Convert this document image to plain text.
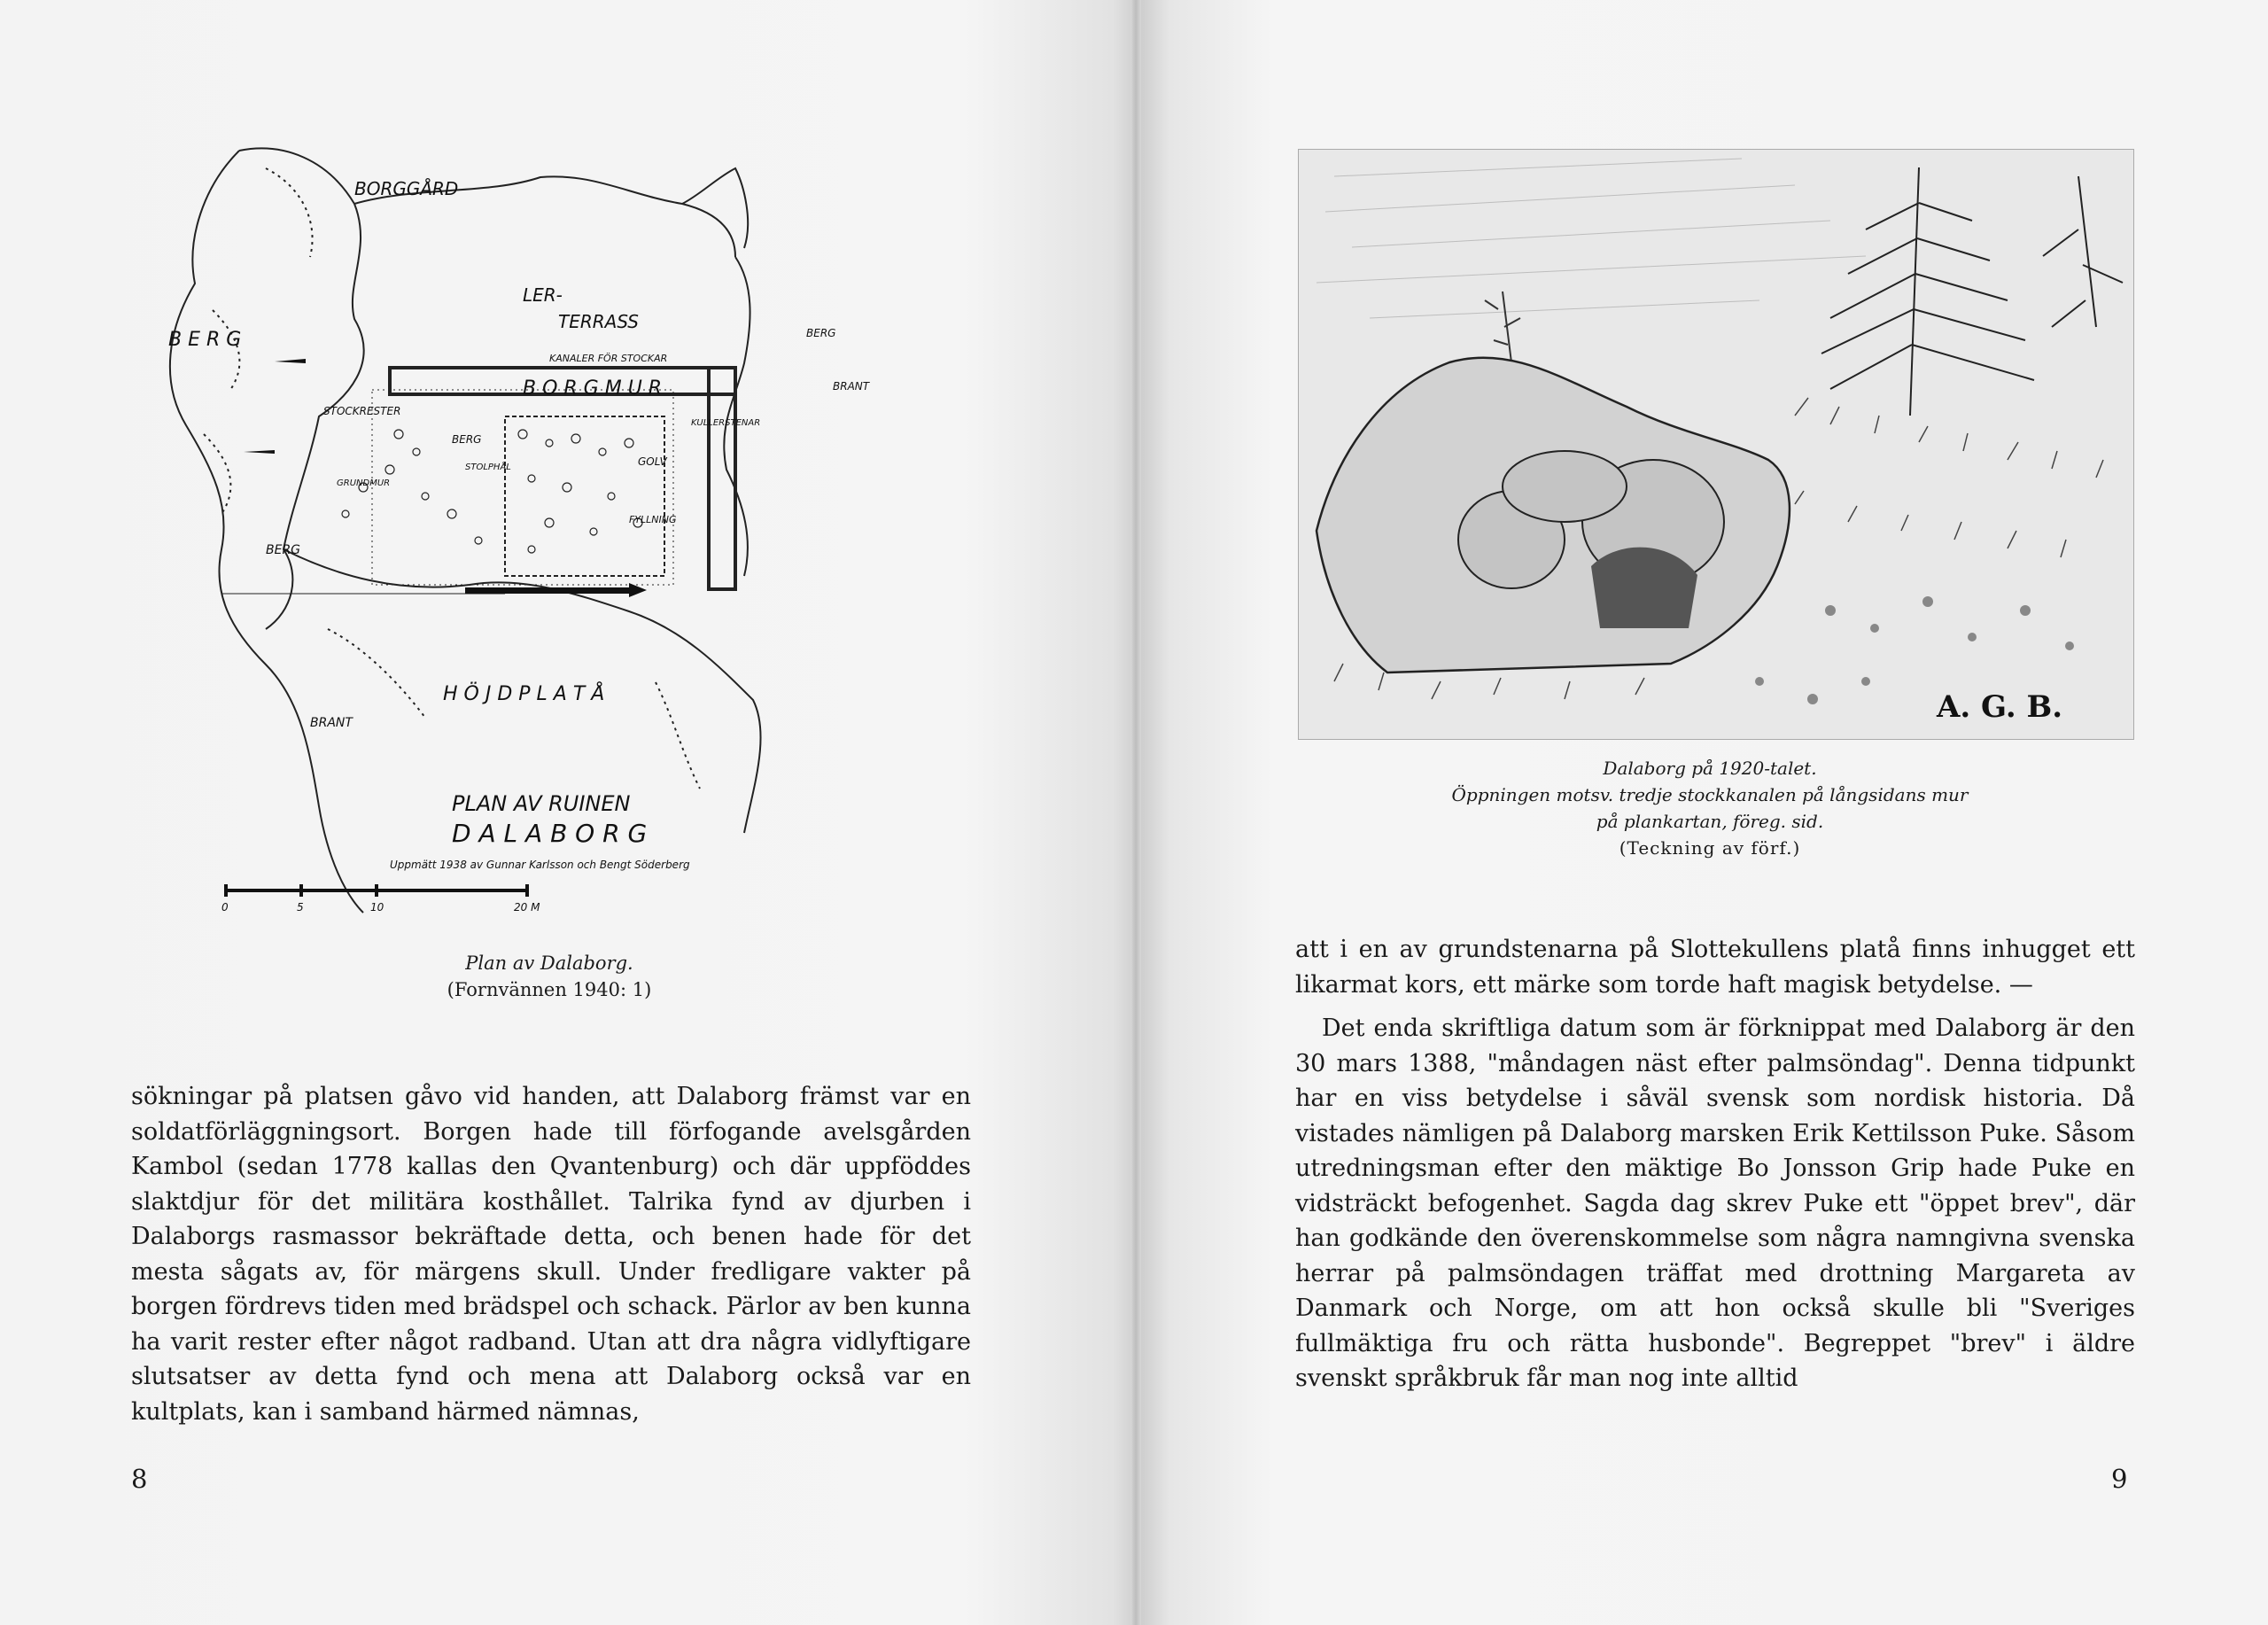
BORGGÅRD
LER-
TERRASS
B E R G	BERG
KANALER FÖR STOCKAR
BRANT
B O R G M U R
STOCKRESTER
KULLERSTENAR
BERG
GOLV
STOLPHÅL
GRUNDMUR
FYLLNING
BERG
H Ö J D P L A T Å
BRANT
PLAN AV RUINEN
D A L A B O R G
Uppmätt 1938 av Gunnar Karlsson och Bengt Söderberg
0	5	10	20 M
Plan av Dalaborg.
(Fornvännen 1940: 1)
sökningar på platsen gåvo vid handen, att Dalaborg främst var en soldatförläggningsort. Borgen hade till förfogande avelsgården Kambol (sedan 1778 kallas den Qvantenburg) och där uppföddes slaktdjur för det militära kosthållet. Talrika fynd av djurben i Dalaborgs rasmassor bekräftade detta, och benen hade för det mesta sågats av, för märgens skull. Under fredligare vakter på borgen fördrevs tiden med brädspel och schack. Pärlor av ben kunna ha varit rester efter något radband. Utan att dra några vidlyftigare slutsatser av detta fynd och mena att Dalaborg också var en kultplats, kan i samband härmed nämnas,
8
A. G. B.
Dalaborg på 1920-talet.
Öppningen motsv. tredje stockkanalen på långsidans mur
på plankartan, föreg. sid.
(Teckning av förf.)

att i en av grundstenarna på Slottekullens platå finns inhugget ett likarmat kors, ett märke som torde haft magisk betydelse. —

Det enda skriftliga datum som är förknippat med Dalaborg är den 30 mars 1388, "måndagen näst efter palmsöndag". Denna tidpunkt har en viss betydelse i såväl svensk som nordisk historia. Då vistades nämligen på Dalaborg marsken Erik Kettilsson Puke. Såsom utredningsman efter den mäktige Bo Jonsson Grip hade Puke en vidsträckt befogenhet. Sagda dag skrev Puke ett "öppet brev", där han godkände den överenskommelse som några namngivna svenska herrar på palmsöndagen träffat med drottning Margareta av Danmark och Norge, om att hon också skulle bli "Sveriges fullmäktiga fru och rätta husbonde". Begreppet "brev" i äldre svenskt språkbruk får man nog inte alltid

9
